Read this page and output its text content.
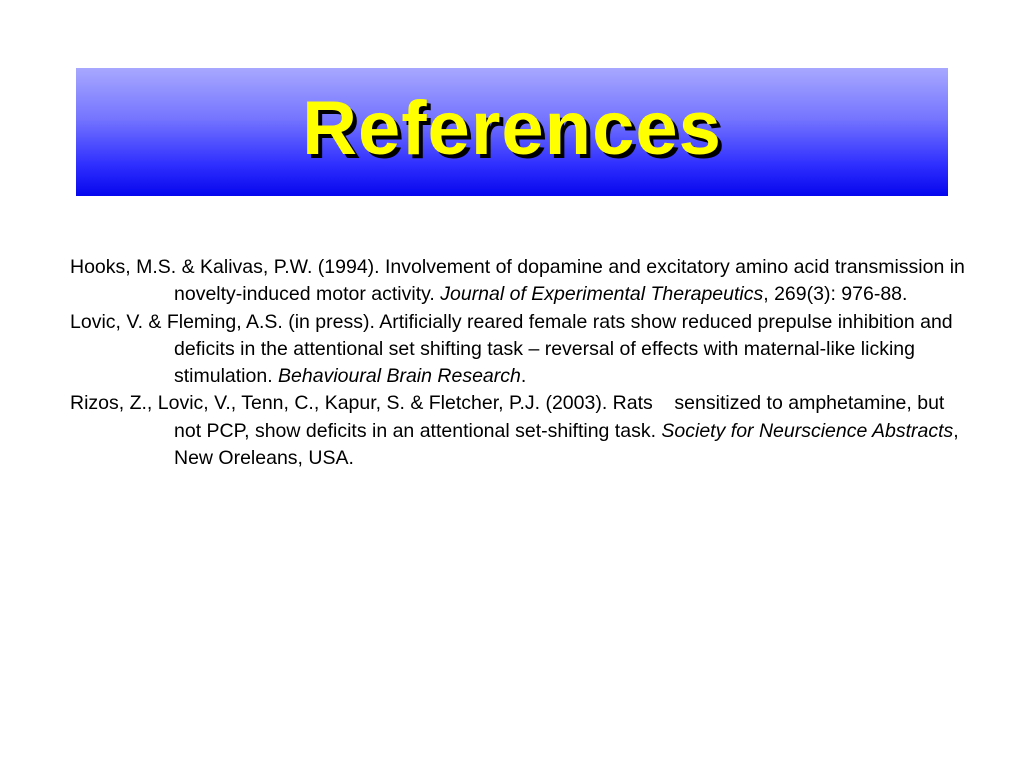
References

Hooks, M.S. & Kalivas, P.W. (1994). Involvement of dopamine and excitatory amino acid transmission in novelty-induced motor activity. Journal of Experimental Therapeutics, 269(3): 976-88.

Lovic, V. & Fleming, A.S. (in press). Artificially reared female rats show reduced prepulse inhibition and deficits in the attentional set shifting task – reversal of effects with maternal-like licking stimulation. Behavioural Brain Research.

Rizos, Z., Lovic, V., Tenn, C., Kapur, S. & Fletcher, P.J. (2003). Rats    sensitized to amphetamine, but not PCP, show deficits in an attentional set-shifting task. Society for Neurscience Abstracts, New Oreleans, USA.
